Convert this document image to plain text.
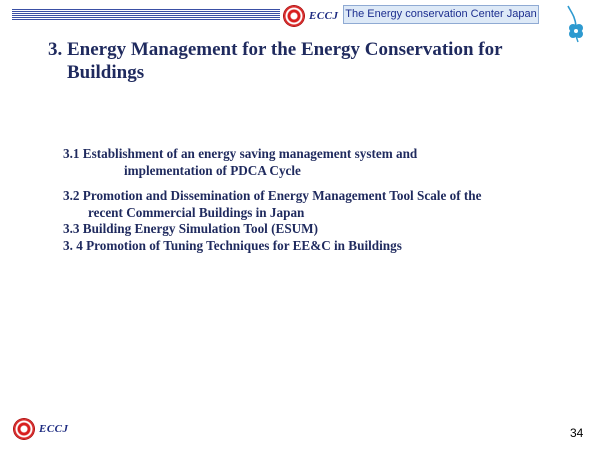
ECCJ The Energy conservation Center Japan
3. Energy Management for the Energy Conservation for
Buildings
3.1 Establishment of an energy saving management system and
implementation of PDCA Cycle
3.2 Promotion and Dissemination of Energy Management Tool Scale of the
recent Commercial Buildings in Japan
3.3 Building Energy Simulation Tool (ESUM)
3. 4 Promotion of Tuning Techniques for EE&C in Buildings
ECCJ	34
